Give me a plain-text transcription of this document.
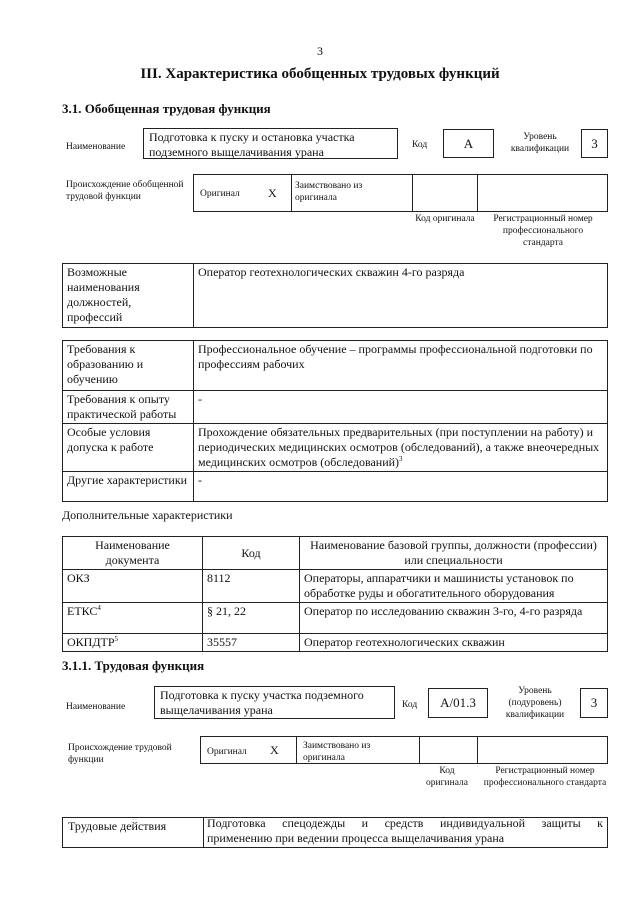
3
III. Характеристика обобщенных трудовых функций
3.1. Обобщенная трудовая функция
Наименование
Подготовка к пуску и остановка участка подземного выщелачивания урана	Код	A	Уровень квалификации	3
Происхождение обобщенной трудовой функции	Оригинал X Заимствовано из оригинала
Код оригинала	Регистрационный номер профессионального стандарта
Возможные наименования должностей, профессий	Оператор геотехнологических скважин 4-го разряда
Требования к образованию и обучению	Профессиональное обучение – программы профессиональной подготовки по профессиям рабочих
Требования к опыту практической работы	-
Особые условия допуска к работе	Прохождение обязательных предварительных (при поступлении на работу) и периодических медицинских осмотров (обследований), а также внеочередных медицинских осмотров (обследований)$^3$
Другие характеристики	-
Дополнительные характеристики
Наименование документа	Код	Наименование базовой группы, должности (профессии) или специальности
ОКЗ	8112	Операторы, аппаратчики и машинисты установок по обработке руды и обогатительного оборудования
ЕТКС$^4$	§ 21, 22	Оператор по исследованию скважин 3-го, 4-го разряда
ОКПДТР$^5$	35557	Оператор геотехнологических скважин
3.1.1. Трудовая функция
Наименование
Подготовка к пуску участка подземного выщелачивания урана	Код	A/01.3
Уровень (подуровень) квалификации
3
Происхождение трудовой функции
Оригинал X	Заимствовано из оригинала
Код оригинала
Регистрационный номер профессионального стандарта
Трудовые действия	Подготовка спецодежды и средств индивидуальной защиты к
применению при ведении процесса выщелачивания урана
